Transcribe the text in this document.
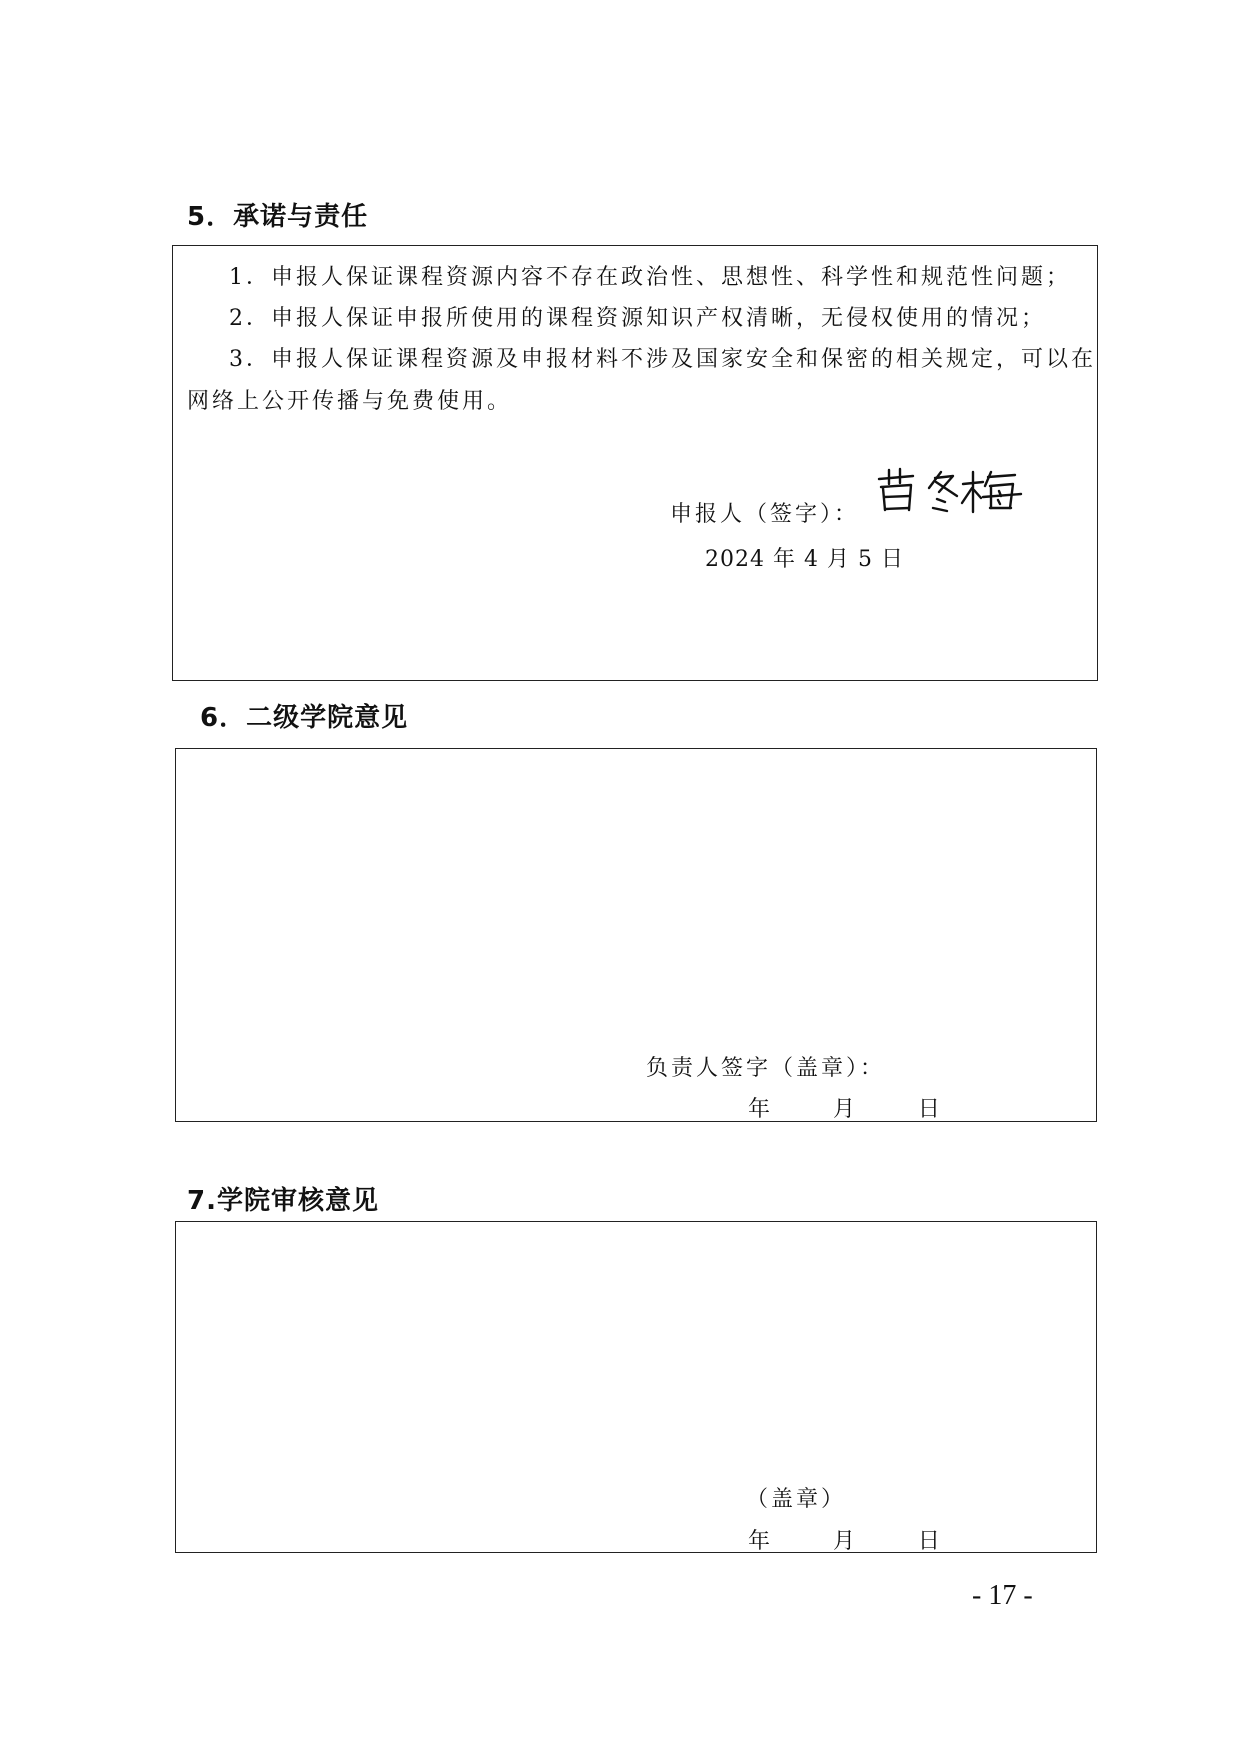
5．承诺与责任
1．申报人保证课程资源内容不存在政治性、思想性、科学性和规范性问题；
2．申报人保证申报所使用的课程资源知识产权清晰，无侵权使用的情况；
3．申报人保证课程资源及申报材料不涉及国家安全和保密的相关规定，可以在
网络上公开传播与免费使用。
申报人（签字）：
2024 年 4 月 5 日
6．二级学院意见
负责人签字（盖章）：
年      月      日
7.学院审核意见
（盖章）
年      月      日
- 17 -
